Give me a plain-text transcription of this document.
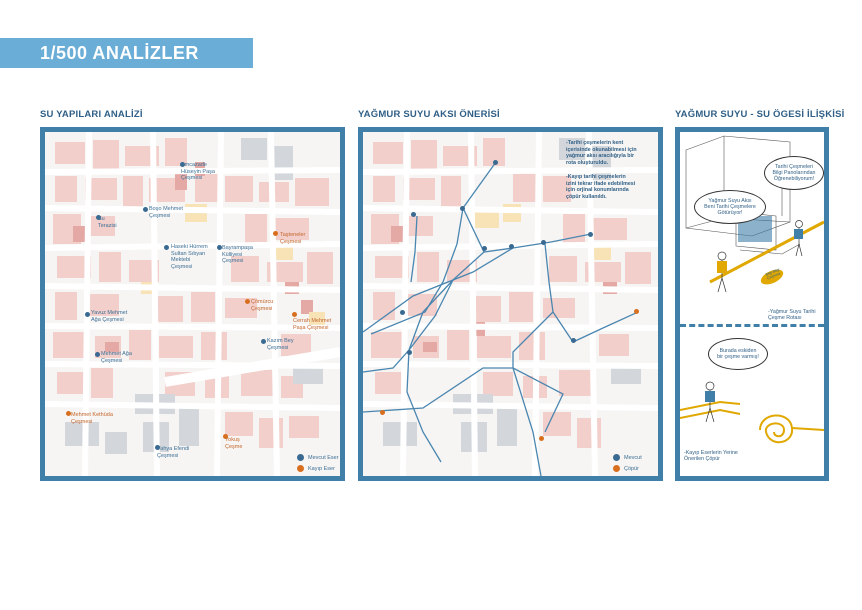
1/500 ANALİZLER
SU YAPILARI ANALİZİ	YAĞMUR SUYU AKSI ÖNERİSİ	YAĞMUR SUYU - SU ÖGESİ İLİŞKİSİ
Amcazade
Hüseyin Paşa
Çeşmesi
Boşo Mehmet
Çeşmesi
Su
Terazisi
Haseki Hürrem
Sultan Sıbyan
Mektebi
Çeşmesi
Bayrampaşa
Külliyesi
Çeşmesi
Taşteneler
Çeşmesi
Çömürcu
Çeşmesi
Yavuz Mehmet
Ağa Çeşmesi	Cerrah Mehmet
Paşa Çeşmesi
Kazım Bey
Çeşmesi
Mehmet Ağa
Çeşmesi
Mehmet Kethüda
Çeşmesi
Yahya Efendi
Çeşmesi
Yokuş
Çeşme
Mevcut Eser
Kayıp Eser
-Tarihi çeşmelerin kent
içerisinde okunabilmesi için
yağmur aksı aracılığıyla bir
rota oluşturuldu.
-Kayıp tarihi çeşmelerin
izini tekrar ifade edebilmesi
için orjinal konumlarında
çöpür kullanıldı.
Mevcut
Çöpür
Tarihi Çeşmeleri
Bilgi Panolarından
Öğrenebiliyorum!
Yağmur Suyu Aksı
Beni Tarihi Çeşmelere
Götürüyor!
Bilgi Bilgi
Çeşmesi
-Yağmur Suyu Tarihi
Çeşme Rotası
Burada eskiden
bir çeşme varmış!
-Kayıp Eserlerin Yerine
Önerilen Çöpür
